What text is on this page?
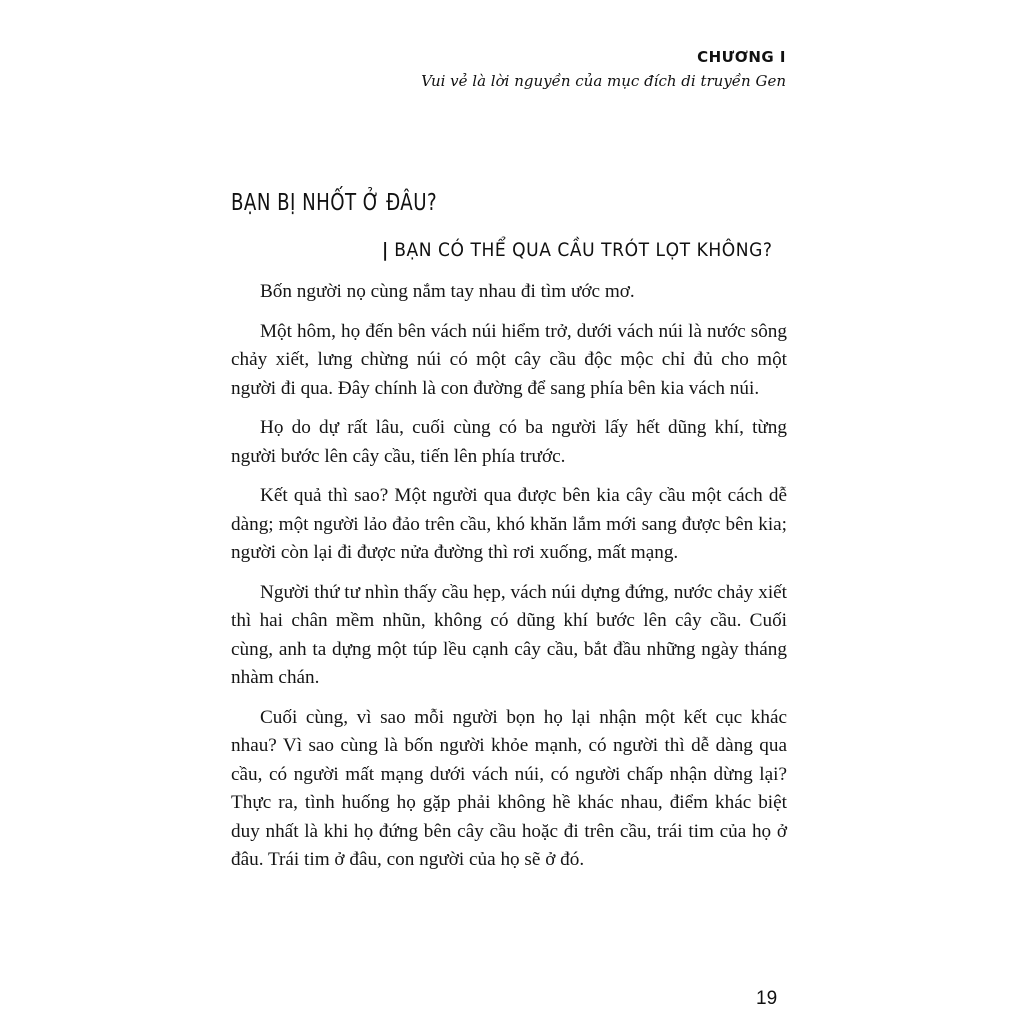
CHƯƠNG I
Vui vẻ là lời nguyền của mục đích di truyền Gen
BẠN BỊ NHỐT Ở ĐÂU?
| BẠN CÓ THỂ QUA CẦU TRÓT LỌT KHÔNG?

Bốn người nọ cùng nắm tay nhau đi tìm ước mơ.

Một hôm, họ đến bên vách núi hiểm trở, dưới vách núi là nước sông chảy xiết, lưng chừng núi có một cây cầu độc mộc chỉ đủ cho một người đi qua. Đây chính là con đường để sang phía bên kia vách núi.

Họ do dự rất lâu, cuối cùng có ba người lấy hết dũng khí, từng người bước lên cây cầu, tiến lên phía trước.

Kết quả thì sao? Một người qua được bên kia cây cầu một cách dễ dàng; một người lảo đảo trên cầu, khó khăn lắm mới sang được bên kia; người còn lại đi được nửa đường thì rơi xuống, mất mạng.

Người thứ tư nhìn thấy cầu hẹp, vách núi dựng đứng, nước chảy xiết thì hai chân mềm nhũn, không có dũng khí bước lên cây cầu. Cuối cùng, anh ta dựng một túp lều cạnh cây cầu, bắt đầu những ngày tháng nhàm chán.

Cuối cùng, vì sao mỗi người bọn họ lại nhận một kết cục khác nhau? Vì sao cùng là bốn người khỏe mạnh, có người thì dễ dàng qua cầu, có người mất mạng dưới vách núi, có người chấp nhận dừng lại? Thực ra, tình huống họ gặp phải không hề khác nhau, điểm khác biệt duy nhất là khi họ đứng bên cây cầu hoặc đi trên cầu, trái tim của họ ở đâu. Trái tim ở đâu, con người của họ sẽ ở đó.

19
